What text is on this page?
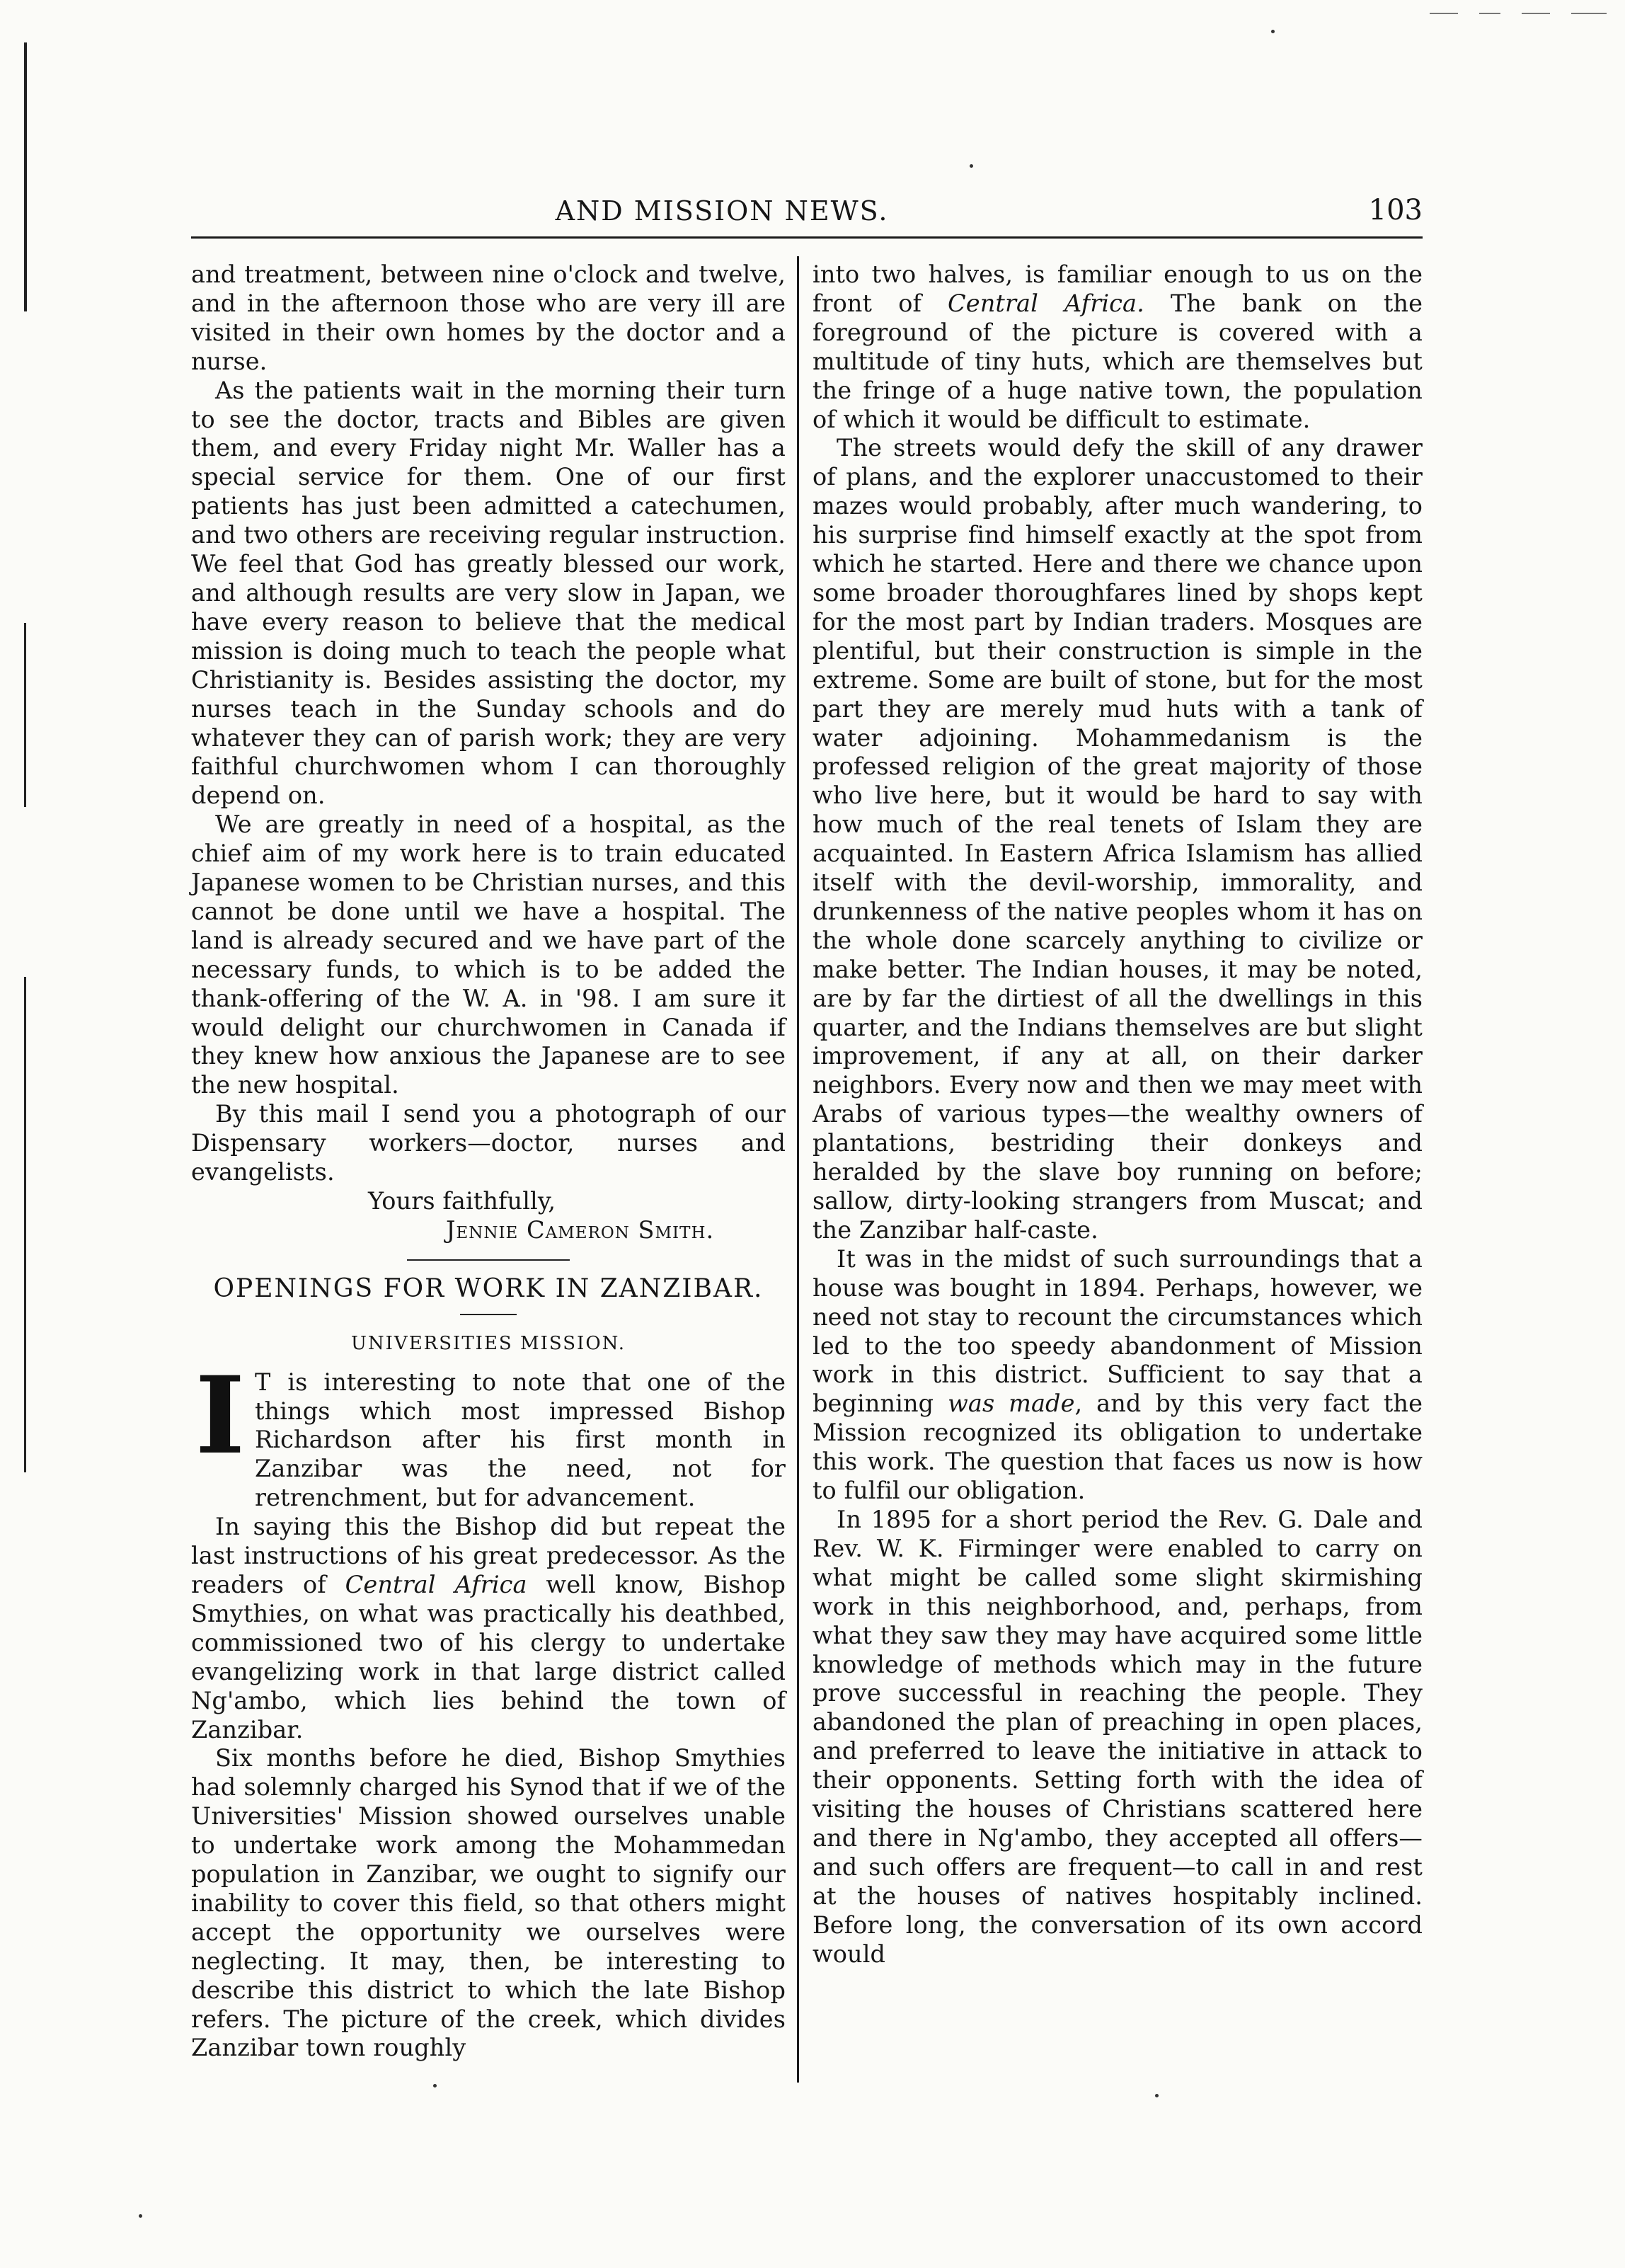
AND MISSION NEWS.	103

and treatment, between nine o'clock and twelve, and in the afternoon those who are very ill are visited in their own homes by the doctor and a nurse.

As the patients wait in the morning their turn to see the doctor, tracts and Bibles are given them, and every Friday night Mr. Waller has a special service for them. One of our first patients has just been admitted a catechumen, and two others are receiving regular instruction. We feel that God has greatly blessed our work, and although results are very slow in Japan, we have every reason to believe that the medical mission is doing much to teach the people what Christianity is. Besides assisting the doctor, my nurses teach in the Sunday schools and do whatever they can of parish work; they are very faithful churchwomen whom I can thoroughly depend on.

We are greatly in need of a hospital, as the chief aim of my work here is to train educated Japanese women to be Christian nurses, and this cannot be done until we have a hospital. The land is already secured and we have part of the necessary funds, to which is to be added the thank-offering of the W. A. in '98. I am sure it would delight our churchwomen in Canada if they knew how anxious the Japanese are to see the new hospital.

By this mail I send you a photograph of our Dispensary workers—doctor, nurses and evangelists.

Yours faithfully,
Jennie Cameron Smith.
OPENINGS FOR WORK IN ZANZIBAR.
UNIVERSITIES MISSION.

I T is interesting to note that one of the things which most impressed Bishop Richardson after his first month in Zanzibar was the need, not for retrenchment, but for advancement.

In saying this the Bishop did but repeat the last instructions of his great predecessor. As the readers of Central Africa well know, Bishop Smythies, on what was practically his deathbed, commissioned two of his clergy to undertake evangelizing work in that large district called Ng'ambo, which lies behind the town of Zanzibar.

Six months before he died, Bishop Smythies had solemnly charged his Synod that if we of the Universities' Mission showed ourselves unable to undertake work among the Mohammedan population in Zanzibar, we ought to signify our inability to cover this field, so that others might accept the opportunity we ourselves were neglecting. It may, then, be interesting to describe this district to which the late Bishop refers. The picture of the creek, which divides Zanzibar town roughly

into two halves, is familiar enough to us on the front of Central Africa. The bank on the foreground of the picture is covered with a multitude of tiny huts, which are themselves but the fringe of a huge native town, the population of which it would be difficult to estimate.

The streets would defy the skill of any drawer of plans, and the explorer unaccustomed to their mazes would probably, after much wandering, to his surprise find himself exactly at the spot from which he started. Here and there we chance upon some broader thoroughfares lined by shops kept for the most part by Indian traders. Mosques are plentiful, but their construction is simple in the extreme. Some are built of stone, but for the most part they are merely mud huts with a tank of water adjoining. Mohammedanism is the professed religion of the great majority of those who live here, but it would be hard to say with how much of the real tenets of Islam they are acquainted. In Eastern Africa Islamism has allied itself with the devil-worship, immorality, and drunkenness of the native peoples whom it has on the whole done scarcely anything to civilize or make better. The Indian houses, it may be noted, are by far the dirtiest of all the dwellings in this quarter, and the Indians themselves are but slight improvement, if any at all, on their darker neighbors. Every now and then we may meet with Arabs of various types—the wealthy owners of plantations, bestriding their donkeys and heralded by the slave boy running on before; sallow, dirty-looking strangers from Muscat; and the Zanzibar half-caste.

It was in the midst of such surroundings that a house was bought in 1894. Perhaps, however, we need not stay to recount the circumstances which led to the too speedy abandonment of Mission work in this district. Sufficient to say that a beginning was made, and by this very fact the Mission recognized its obligation to undertake this work. The question that faces us now is how to fulfil our obligation.

In 1895 for a short period the Rev. G. Dale and Rev. W. K. Firminger were enabled to carry on what might be called some slight skirmishing work in this neighborhood, and, perhaps, from what they saw they may have acquired some little knowledge of methods which may in the future prove successful in reaching the people. They abandoned the plan of preaching in open places, and preferred to leave the initiative in attack to their opponents. Setting forth with the idea of visiting the houses of Christians scattered here and there in Ng'ambo, they accepted all offers—and such offers are frequent—to call in and rest at the houses of natives hospitably inclined. Before long, the conversation of its own accord would
